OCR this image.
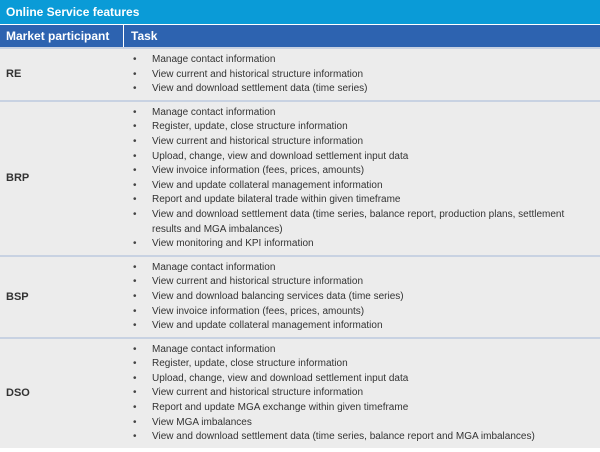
Online Service features
Market participant	Task
RE
• Manage contact information
• View current and historical structure information
• View and download settlement data (time series)
BRP
• Manage contact information
• Register, update, close structure information
• View current and historical structure information
• Upload, change, view and download settlement input data
• View invoice information (fees, prices, amounts)
• View and update collateral management information
• Report and update bilateral trade within given timeframe
• View and download settlement data (time series, balance report, production plans, settlement results and MGA imbalances)
• View monitoring and KPI information
BSP
• Manage contact information
• View current and historical structure information
• View and download balancing services data (time series)
• View invoice information (fees, prices, amounts)
• View and update collateral management information
DSO
• Manage contact information
• Register, update, close structure information
• Upload, change, view and download settlement input data
• View current and historical structure information
• Report and update MGA exchange within given timeframe
• View MGA imbalances
• View and download settlement data (time series, balance report and MGA imbalances)
